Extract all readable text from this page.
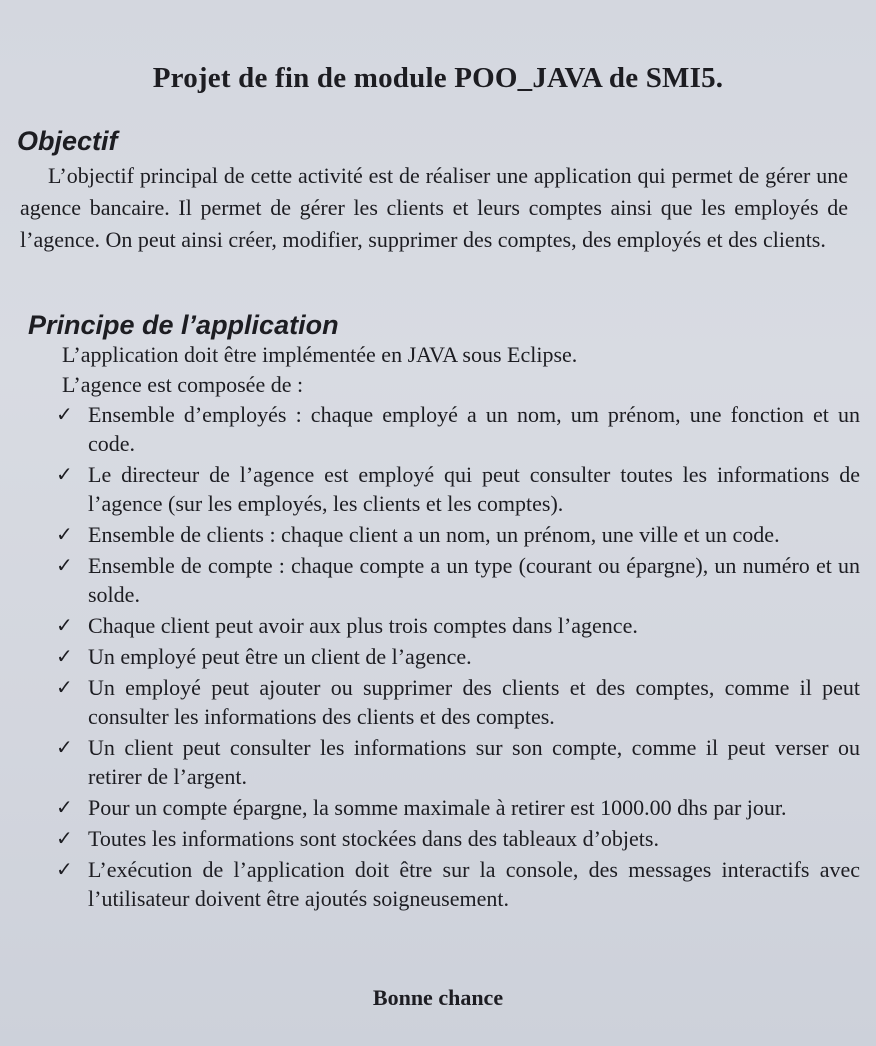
Projet de fin de module POO_JAVA de SMI5.
Objectif
L’objectif principal de cette activité est de réaliser une application qui permet de gérer une agence bancaire. Il permet de gérer les clients et leurs comptes ainsi que les employés de l’agence. On peut ainsi créer, modifier, supprimer des comptes, des employés et des clients.
Principe de l’application
L’application doit être implémentée en JAVA sous Eclipse.
L’agence est composée de :
✓ Ensemble d’employés : chaque employé a un nom, um prénom, une fonction et un code.
✓ Le directeur de l’agence est employé qui peut consulter toutes les informations de l’agence (sur les employés, les clients et les comptes).
✓ Ensemble de clients : chaque client a un nom, un prénom, une ville et un code.
✓ Ensemble de compte : chaque compte a un type (courant ou épargne), un numéro et un solde.
✓ Chaque client peut avoir aux plus trois comptes dans l’agence.
✓ Un employé peut être un client de l’agence.
✓ Un employé peut ajouter ou supprimer des clients et des comptes, comme il peut consulter les informations des clients et des comptes.
✓ Un client peut consulter les informations sur son compte, comme il peut verser ou retirer de l’argent.
✓ Pour un compte épargne, la somme maximale à retirer est 1000.00 dhs par jour.
✓ Toutes les informations sont stockées dans des tableaux d’objets.
✓ L’exécution de l’application doit être sur la console, des messages interactifs avec l’utilisateur doivent être ajoutés soigneusement.
Bonne chance
